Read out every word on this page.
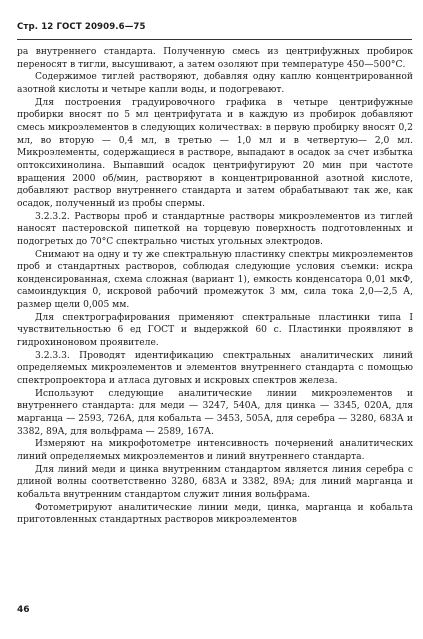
Стр. 12 ГОСТ 20909.6—75

ра внутреннего стандарта. Полученную смесь из центрифужных пробирок переносят в тигли, высушивают, а затем озоляют при температуре 450—500°С.

Содержимое тиглей растворяют, добавляя одну каплю концентрированной азотной кислоты и четыре капли воды, и подогревают.

Для построения градуировочного графика в четыре центрифужные пробирки вносят по 5 мл центрифугата и в каждую из пробирок добавляют смесь микроэлементов в следующих количествах: в первую пробирку вносят 0,2 мл, во вторую — 0,4 мл, в третью — 1,0 мл и в четвертую— 2,0 мл. Микроэлементы, содержащиеся в растворе, выпадают в осадок за счет избытка оптоксихинолина. Выпавший осадок центрифугируют 20 мин при частоте вращения 2000 об/мин, растворяют в концентрированной азотной кислоте, добавляют раствор внутреннего стандарта и затем обрабатывают так же, как осадок, полученный из пробы спермы.

3.2.3.2. Растворы проб и стандартные растворы микроэлементов из тиглей наносят пастеровской пипеткой на торцевую поверхность подготовленных и подогретых до 70°С спектрально чистых угольных электродов.

Снимают на одну и ту же спектральную пластинку спектры микроэлементов проб и стандартных растворов, соблюдая следующие условия съемки: искра конденсированная, схема сложная (вариант 1), емкость конденсатора 0,01 мкФ, самоиндукция 0, искровой рабочий промежуток 3 мм, сила тока 2,0—2,5 А, размер щели 0,005 мм.

Для спектрографирования применяют спектральные пластинки типа I чувствительностью 6 ед ГОСТ и выдержкой 60 с. Пластинки проявляют в гидрохиноновом проявителе.

3.2.3.3. Проводят идентификацию спектральных аналитических линий определяемых микроэлементов и элементов внутреннего стандарта с помощью спектропроектора и атласа дуговых и искровых спектров железа.

Используют следующие аналитические линии микроэлементов и внутреннего стандарта: для меди — 3247, 540А, для цинка — 3345, 020А, для марганца — 2593, 726А, для кобальта — 3453, 505А, для серебра — 3280, 683А и 3382, 89А, для вольфрама — 2589, 167А.

Измеряют на микрофотометре интенсивность почернений аналитических линий определяемых микроэлементов и линий внутреннего стандарта.

Для линий меди и цинка внутренним стандартом является линия серебра с длиной волны соответственно 3280, 683А и 3382, 89А; для линий марганца и кобальта внутренним стандартом служит линия вольфрама.

Фотометрируют аналитические линии меди, цинка, марганца и кобальта приготовленных стандартных растворов микроэлементов

46
